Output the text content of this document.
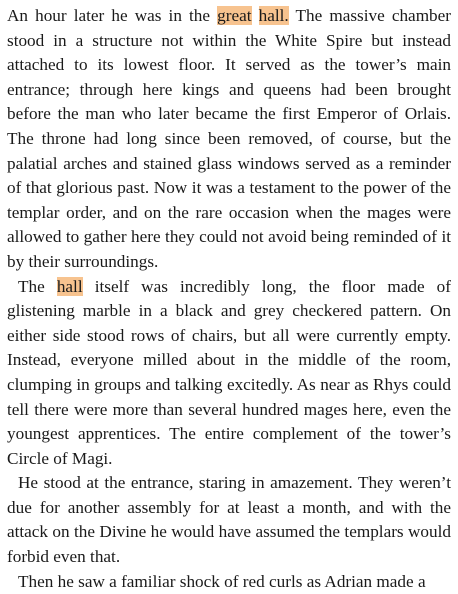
An hour later he was in the great hall. The massive chamber stood in a structure not within the White Spire but instead attached to its lowest floor. It served as the tower’s main entrance; through here kings and queens had been brought before the man who later became the first Emperor of Orlais. The throne had long since been removed, of course, but the palatial arches and stained glass windows served as a reminder of that glorious past. Now it was a testament to the power of the templar order, and on the rare occasion when the mages were allowed to gather here they could not avoid being reminded of it by their surroundings.

The hall itself was incredibly long, the floor made of glistening marble in a black and grey checkered pattern. On either side stood rows of chairs, but all were currently empty. Instead, everyone milled about in the middle of the room, clumping in groups and talking excitedly. As near as Rhys could tell there were more than several hundred mages here, even the youngest apprentices. The entire complement of the tower’s Circle of Magi.

He stood at the entrance, staring in amazement. They weren’t due for another assembly for at least a month, and with the attack on the Divine he would have assumed the templars would forbid even that.

Then he saw a familiar shock of red curls as Adrian made a
